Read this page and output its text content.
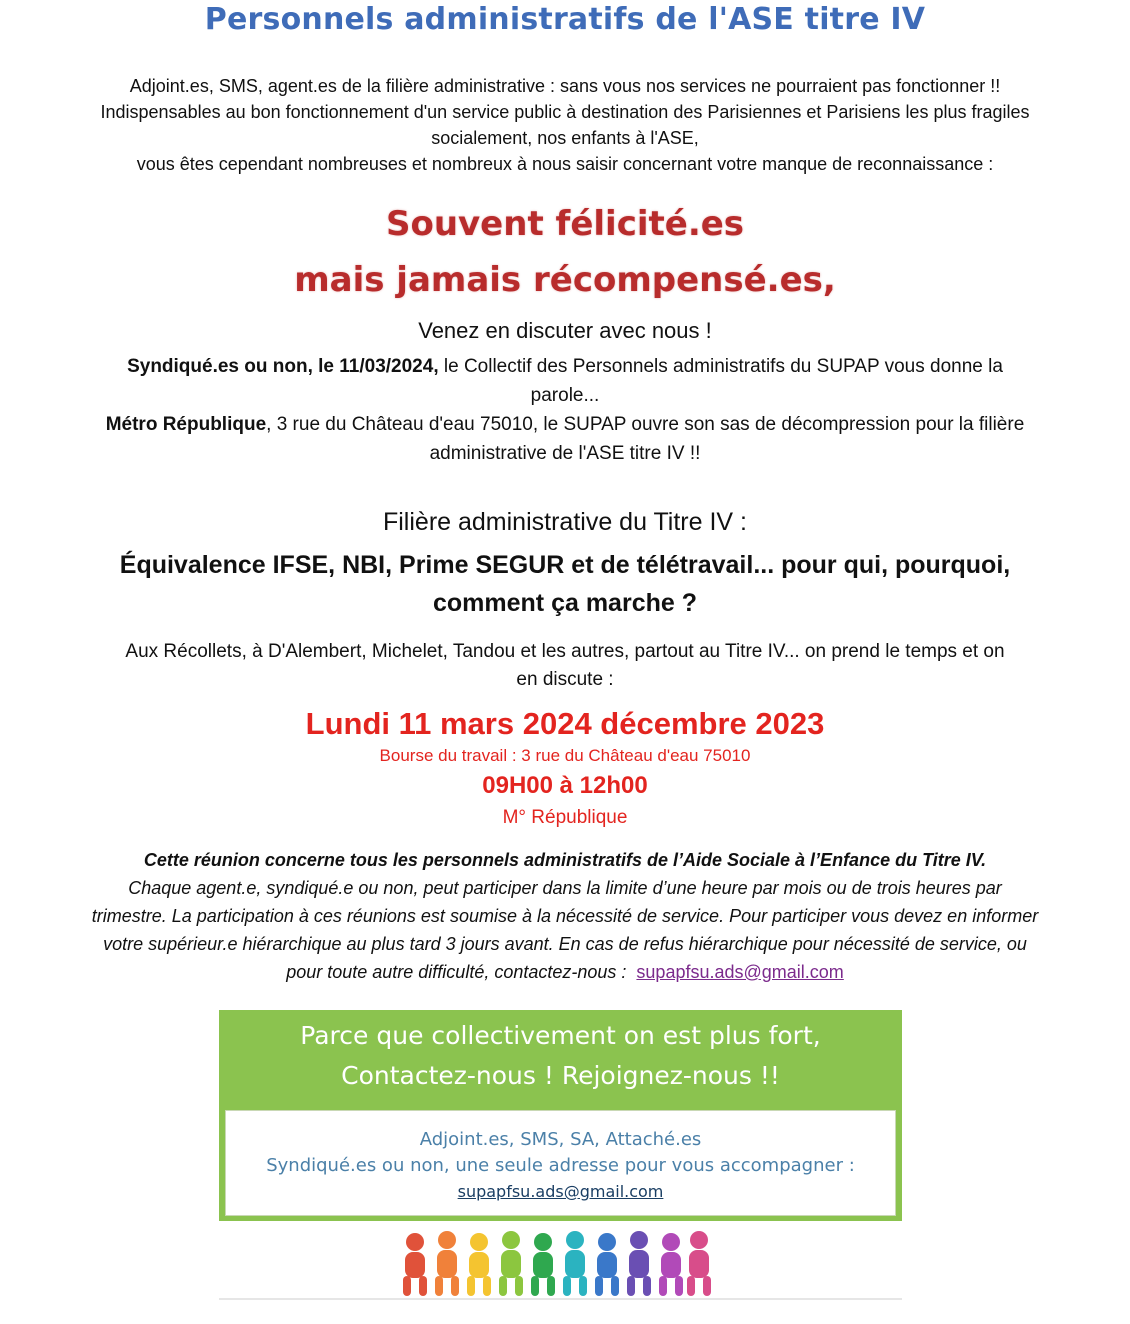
Personnels administratifs de l'ASE titre IV
Adjoint.es, SMS, agent.es de la filière administrative : sans vous nos services ne pourraient pas fonctionner !!
Indispensables au bon fonctionnement d'un service public à destination des Parisiennes et Parisiens les plus fragiles
socialement, nos enfants à l'ASE,
vous êtes cependant nombreuses et nombreux à nous saisir concernant votre manque de reconnaissance :
Souvent félicité.es
mais jamais récompensé.es,
Venez en discuter avec nous !
Syndiqué.es ou non, le 11/03/2024, le Collectif des Personnels administratifs du SUPAP vous donne la
parole...
Métro République, 3 rue du Château d'eau 75010, le SUPAP ouvre son sas de décompression pour la filière
administrative de l'ASE titre IV !!
Filière administrative du Titre IV :
Équivalence IFSE, NBI, Prime SEGUR et de télétravail... pour qui, pourquoi,
comment ça marche ?
Aux Récollets, à D'Alembert, Michelet, Tandou et les autres, partout au Titre IV... on prend le temps et on
en discute :
Lundi 11 mars 2024 décembre 2023
Bourse du travail : 3 rue du Château d'eau 75010
09H00 à 12h00
M° République
Cette réunion concerne tous les personnels administratifs de l’Aide Sociale à l’Enfance du Titre IV.
Chaque agent.e, syndiqué.e ou non, peut participer dans la limite d’une heure par mois ou de trois heures par
trimestre. La participation à ces réunions est soumise à la nécessité de service. Pour participer vous devez en informer
votre supérieur.e hiérarchique au plus tard 3 jours avant. En cas de refus hiérarchique pour nécessité de service, ou
pour toute autre difficulté, contactez-nous : supapfsu.ads@gmail.com
Parce que collectivement on est plus fort,
Contactez-nous ! Rejoignez-nous !!
Adjoint.es, SMS, SA, Attaché.es
Syndiqué.es ou non, une seule adresse pour vous accompagner :
supapfsu.ads@gmail.com
